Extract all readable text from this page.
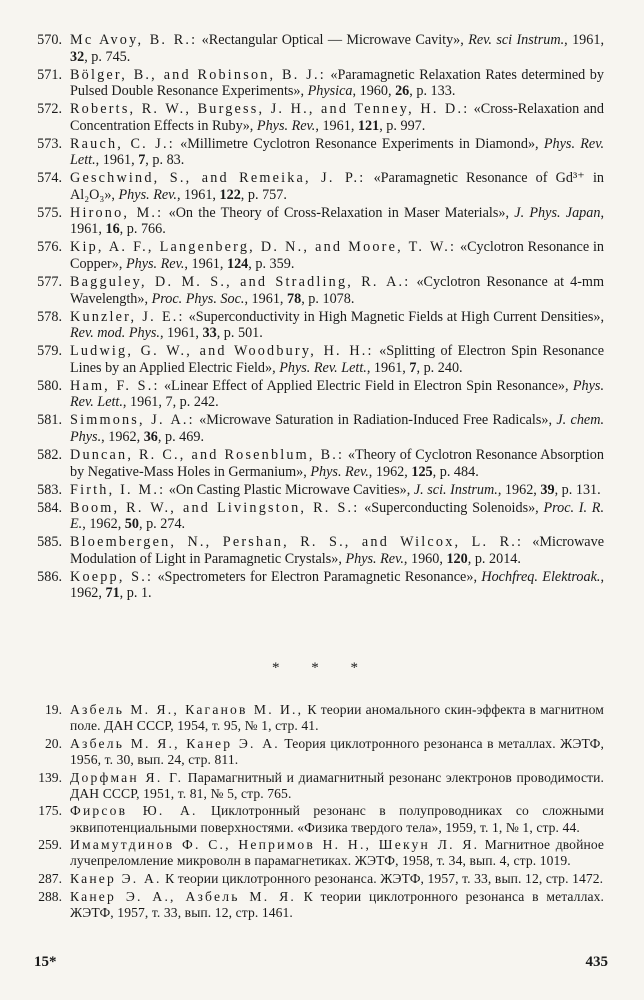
570. Mc Avoy, B. R.: «Rectangular Optical — Microwave Cavity», Rev. sci Instrum., 1961, 32, p. 745.
571. Bölger, B., and Robinson, B. J.: «Paramagnetic Relaxation Rates determined by Pulsed Double Resonance Experiments», Physica, 1960, 26, p. 133.
572. Roberts, R. W., Burgess, J. H., and Tenney, H. D.: «Cross-Relaxation and Concentration Effects in Ruby», Phys. Rev., 1961, 121, p. 997.
573. Rauch, C. J.: «Millimetre Cyclotron Resonance Experiments in Diamond», Phys. Rev. Lett., 1961, 7, p. 83.
574. Geschwind, S., and Remeika, J. P.: «Paramagnetic Resonance of Gd³⁺ in Al₂O₃», Phys. Rev., 1961, 122, p. 757.
575. Hirono, M.: «On the Theory of Cross-Relaxation in Maser Materials», J. Phys. Japan, 1961, 16, p. 766.
576. Kip, A. F., Langenberg, D. N., and Moore, T. W.: «Cyclotron Resonance in Copper», Phys. Rev., 1961, 124, p. 359.
577. Bagguley, D. M. S., and Stradling, R. A.: «Cyclotron Resonance at 4-mm Wavelength», Proc. Phys. Soc., 1961, 78, p. 1078.
578. Kunzler, J. E.: «Superconductivity in High Magnetic Fields at High Current Densities», Rev. mod. Phys., 1961, 33, p. 501.
579. Ludwig, G. W., and Woodbury, H. H.: «Splitting of Electron Spin Resonance Lines by an Applied Electric Field», Phys. Rev. Lett., 1961, 7, p. 240.
580. Ham, F. S.: «Linear Effect of Applied Electric Field in Electron Spin Resonance», Phys. Rev. Lett., 1961, 7, p. 242.
581. Simmons, J. A.: «Microwave Saturation in Radiation-Induced Free Radicals», J. chem. Phys., 1962, 36, p. 469.
582. Duncan, R. C., and Rosenblum, B.: «Theory of Cyclotron Resonance Absorption by Negative-Mass Holes in Germanium», Phys. Rev., 1962, 125, p. 484.
583. Firth, I. M.: «On Casting Plastic Microwave Cavities», J. sci. Instrum., 1962, 39, p. 131.
584. Boom, R. W., and Livingston, R. S.: «Superconducting Solenoids», Proc. I. R. E., 1962, 50, p. 274.
585. Bloembergen, N., Pershan, R. S., and Wilcox, L. R.: «Microwave Modulation of Light in Paramagnetic Crystals», Phys. Rev., 1960, 120, p. 2014.
586. Koepp, S.: «Spectrometers for Electron Paramagnetic Resonance», Hochfreq. Elektroak., 1962, 71, p. 1.
* * *
19. Азбель М. Я., Каганов М. И., К теории аномального скин-эффекта в магнитном поле. ДАН СССР, 1954, т. 95, № 1, стр. 41.
20. Азбель М. Я., Канер Э. А. Теория циклотронного резонанса в металлах. ЖЭТФ, 1956, т. 30, вып. 24, стр. 811.
139. Дорфман Я. Г. Парамагнитный и диамагнитный резонанс электронов проводимости. ДАН СССР, 1951, т. 81, № 5, стр. 765.
175. Фирсов Ю. А. Циклотронный резонанс в полупроводниках со сложными эквипотенциальными поверхностями. «Физика твердого тела», 1959, т. 1, № 1, стр. 44.
259. Имамутдинов Ф. С., Непримов Н. Н., Шекун Л. Я. Магнитное двойное лучепреломление микроволн в парамагнетиках. ЖЭТФ, 1958, т. 34, вып. 4, стр. 1019.
287. Канер Э. А. К теории циклотронного резонанса. ЖЭТФ, 1957, т. 33, вып. 12, стр. 1472.
288. Канер Э. А., Азбель М. Я. К теории циклотронного резонанса в металлах. ЖЭТФ, 1957, т. 33, вып. 12, стр. 1461.
15*	435
